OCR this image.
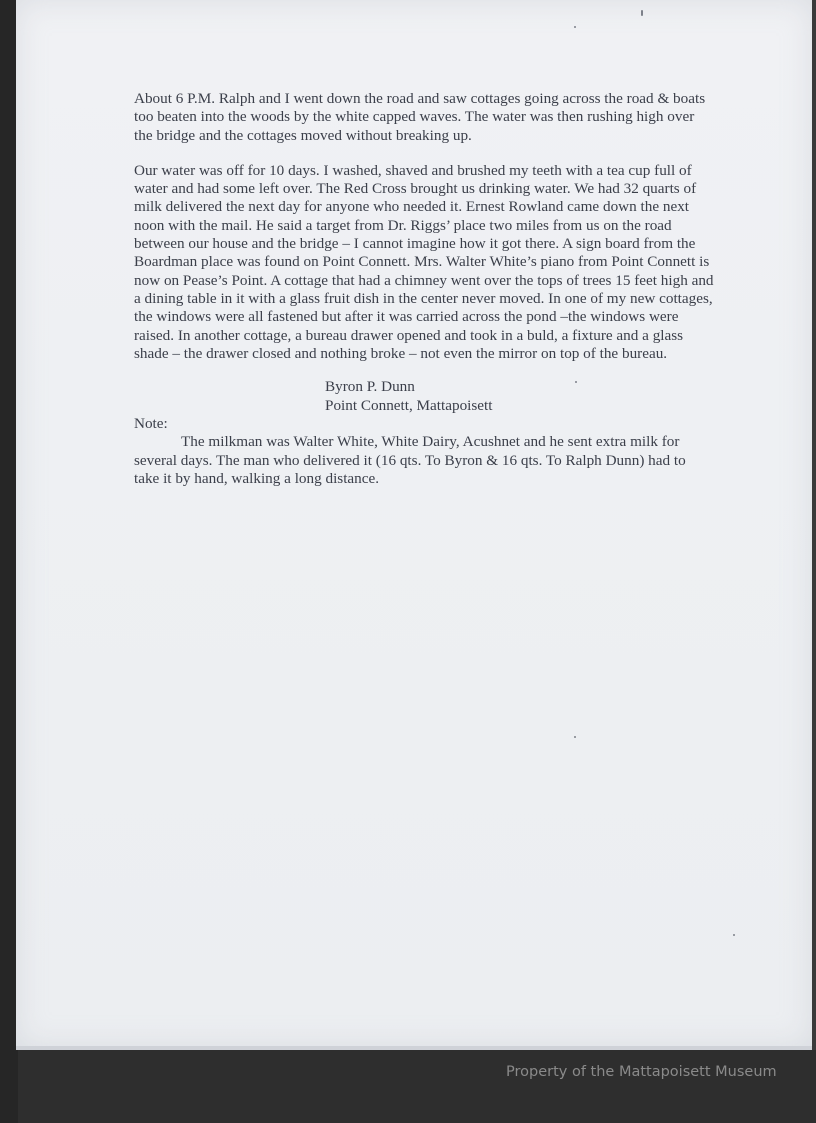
About 6 P.M. Ralph and I went down the road and saw cottages going across the road & boats too beaten into the woods by the white capped waves. The water was then rushing high over the bridge and the cottages moved without breaking up.

Our water was off for 10 days. I washed, shaved and brushed my teeth with a tea cup full of water and had some left over. The Red Cross brought us drinking water. We had 32 quarts of milk delivered the next day for anyone who needed it. Ernest Rowland came down the next noon with the mail. He said a target from Dr. Riggs’ place two miles from us on the road between our house and the bridge – I cannot imagine how it got there. A sign board from the Boardman place was found on Point Connett. Mrs. Walter White’s piano from Point Connett is now on Pease’s Point. A cottage that had a chimney went over the tops of trees 15 feet high and a dining table in it with a glass fruit dish in the center never moved. In one of my new cottages, the windows were all fastened but after it was carried across the pond –the windows were raised. In another cottage, a bureau drawer opened and took in a buld, a fixture and a glass shade – the drawer closed and nothing broke – not even the mirror on top of the bureau.

Byron P. Dunn
Point Connett, Mattapoisett

Note:

The milkman was Walter White, White Dairy, Acushnet and he sent extra milk for several days. The man who delivered it (16 qts. To Byron & 16 qts. To Ralph Dunn) had to take it by hand, walking a long distance.

Property of the Mattapoisett Museum
